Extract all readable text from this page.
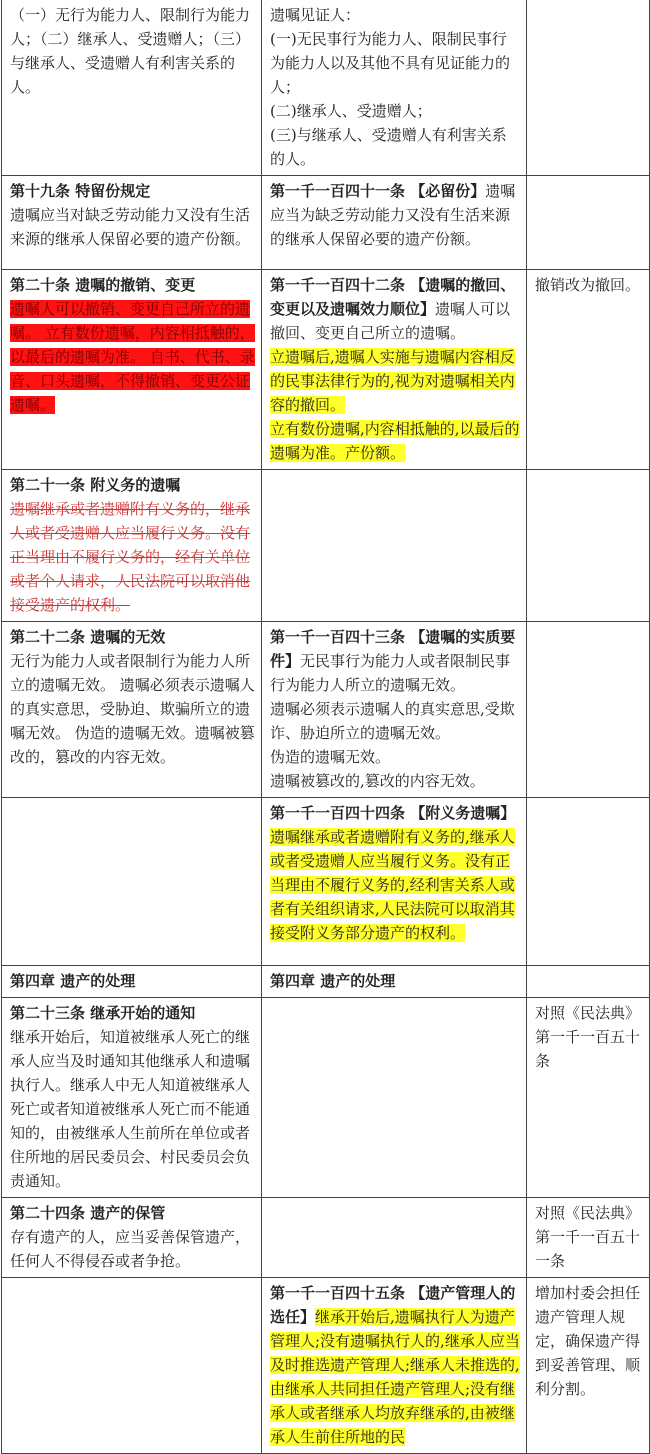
（一）无行为能力人、限制行为能力人；（二）继承人、受遗赠人；（三）与继承人、受遗赠人有利害关系的人。	遗嘱见证人：
(一)无民事行为能力人、限制民事行为能力人以及其他不具有见证能力的人；
(二)继承人、受遗赠人；
(三)与继承人、受遗赠人有利害关系的人。	

第十九条 特留份规定
遗嘱应当对缺乏劳动能力又没有生活来源的继承人保留必要的遗产份额。	第一千一百四十一条 【必留份】遗嘱应当为缺乏劳动能力又没有生活来源的继承人保留必要的遗产份额。	

第二十条 遗嘱的撤销、变更
遗嘱人可以撤销、变更自己所立的遗嘱。 立有数份遗嘱，内容相抵触的，以最后的遗嘱为准。 自书、代书、录音、口头遗嘱，不得撤销、变更公证遗嘱。	第一千一百四十二条 【遗嘱的撤回、变更以及遗嘱效力顺位】遗嘱人可以撤回、变更自己所立的遗嘱。
立遗嘱后,遗嘱人实施与遗嘱内容相反的民事法律行为的,视为对遗嘱相关内容的撤回。
立有数份遗嘱,内容相抵触的,以最后的遗嘱为准。产份额。	撤销改为撤回。

第二十一条 附义务的遗嘱
遗嘱继承或者遗赠附有义务的，继承人或者受遗赠人应当履行义务。没有正当理由不履行义务的，经有关单位或者个人请求，人民法院可以取消他接受遗产的权利。		

第二十二条 遗嘱的无效
无行为能力人或者限制行为能力人所立的遗嘱无效。 遗嘱必须表示遗嘱人的真实意思，受胁迫、欺骗所立的遗嘱无效。 伪造的遗嘱无效。遗嘱被篡改的，篡改的内容无效。	第一千一百四十三条 【遗嘱的实质要件】无民事行为能力人或者限制民事行为能力人所立的遗嘱无效。
遗嘱必须表示遗嘱人的真实意思,受欺诈、胁迫所立的遗嘱无效。
伪造的遗嘱无效。
遗嘱被篡改的,篡改的内容无效。	

	第一千一百四十四条 【附义务遗嘱】遗嘱继承或者遗赠附有义务的,继承人或者受遗赠人应当履行义务。没有正当理由不履行义务的,经利害关系人或者有关组织请求,人民法院可以取消其接受附义务部分遗产的权利。	

第四章 遗产的处理	第四章 遗产的处理	

第二十三条 继承开始的通知
继承开始后，知道被继承人死亡的继承人应当及时通知其他继承人和遗嘱执行人。继承人中无人知道被继承人死亡或者知道被继承人死亡而不能通知的，由被继承人生前所在单位或者住所地的居民委员会、村民委员会负责通知。		对照《民法典》第一千一百五十条

第二十四条 遗产的保管
存有遗产的人，应当妥善保管遗产，任何人不得侵吞或者争抢。		对照《民法典》第一千一百五十一条

	第一千一百四十五条 【遗产管理人的选任】继承开始后,遗嘱执行人为遗产管理人;没有遗嘱执行人的,继承人应当及时推选遗产管理人;继承人未推选的,由继承人共同担任遗产管理人;没有继承人或者继承人均放弃继承的,由被继承人生前住所地的民	增加村委会担任遗产管理人规定，确保遗产得到妥善管理、顺利分割。
